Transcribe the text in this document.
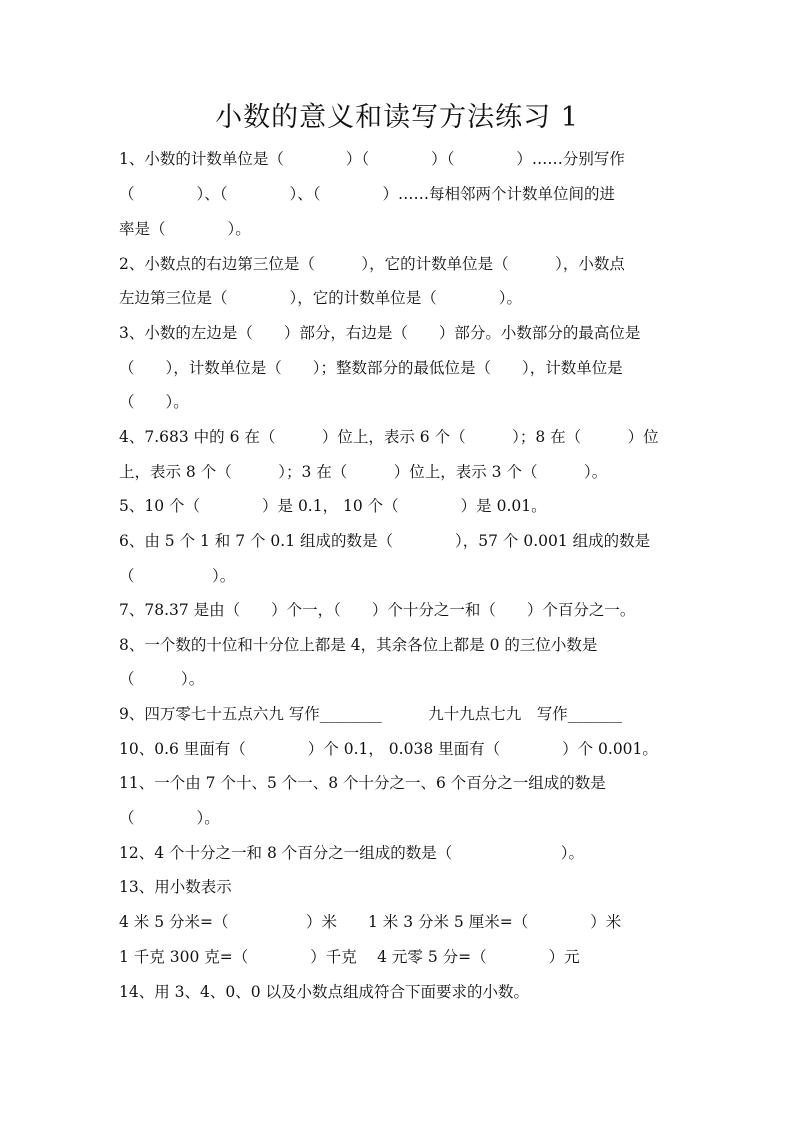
小数的意义和读写方法练习 1
1、小数的计数单位是（　　　　）（　　　　）（　　　　）……分别写作
（　　　　）、（　　　　）、（　　　　）……每相邻两个计数单位间的进
率是（　　　　）。
2、小数点的右边第三位是（　　　），它的计数单位是（　　　），小数点
左边第三位是（　　　　），它的计数单位是（　　　　）。
3、小数的左边是（　　）部分，右边是（　　）部分。小数部分的最高位是
（　　），计数单位是（　　）；整数部分的最低位是（　　），计数单位是
（　　）。
4、7.683 中的 6 在（　　　）位上，表示 6 个（　　　）；8 在（　　　）位
上，表示 8 个（　　　）；3 在（　　　）位上，表示 3 个（　　　）。
5、10 个（　　　　）是 0.1， 10 个（　　　　）是 0.01。
6、由 5 个 1 和 7 个 0.1 组成的数是（　　　　），57 个 0.001 组成的数是
（　　　　　）。
7、78.37 是由（　　）个一，（　　）个十分之一和（　　）个百分之一。
8、一个数的十位和十分位上都是 4，其余各位上都是 0 的三位小数是
（　　　）。
9、四万零七十五点六九 写作________　　　九十九点七九　写作_______
10、0.6 里面有（　　　　）个 0.1， 0.038 里面有（　　　　）个 0.001。
11、一个由 7 个十、5 个一、8 个十分之一、6 个百分之一组成的数是
（　　　　）。
12、4 个十分之一和 8 个百分之一组成的数是（　　　　　　　）。
13、用小数表示
4 米 5 分米=（　　　　　）米　　1 米 3 分米 5 厘米=（　　　　）米
1 千克 300 克=（　　　　）千克　 4 元零 5 分=（　　　　）元
14、用 3、4、0、0 以及小数点组成符合下面要求的小数。
